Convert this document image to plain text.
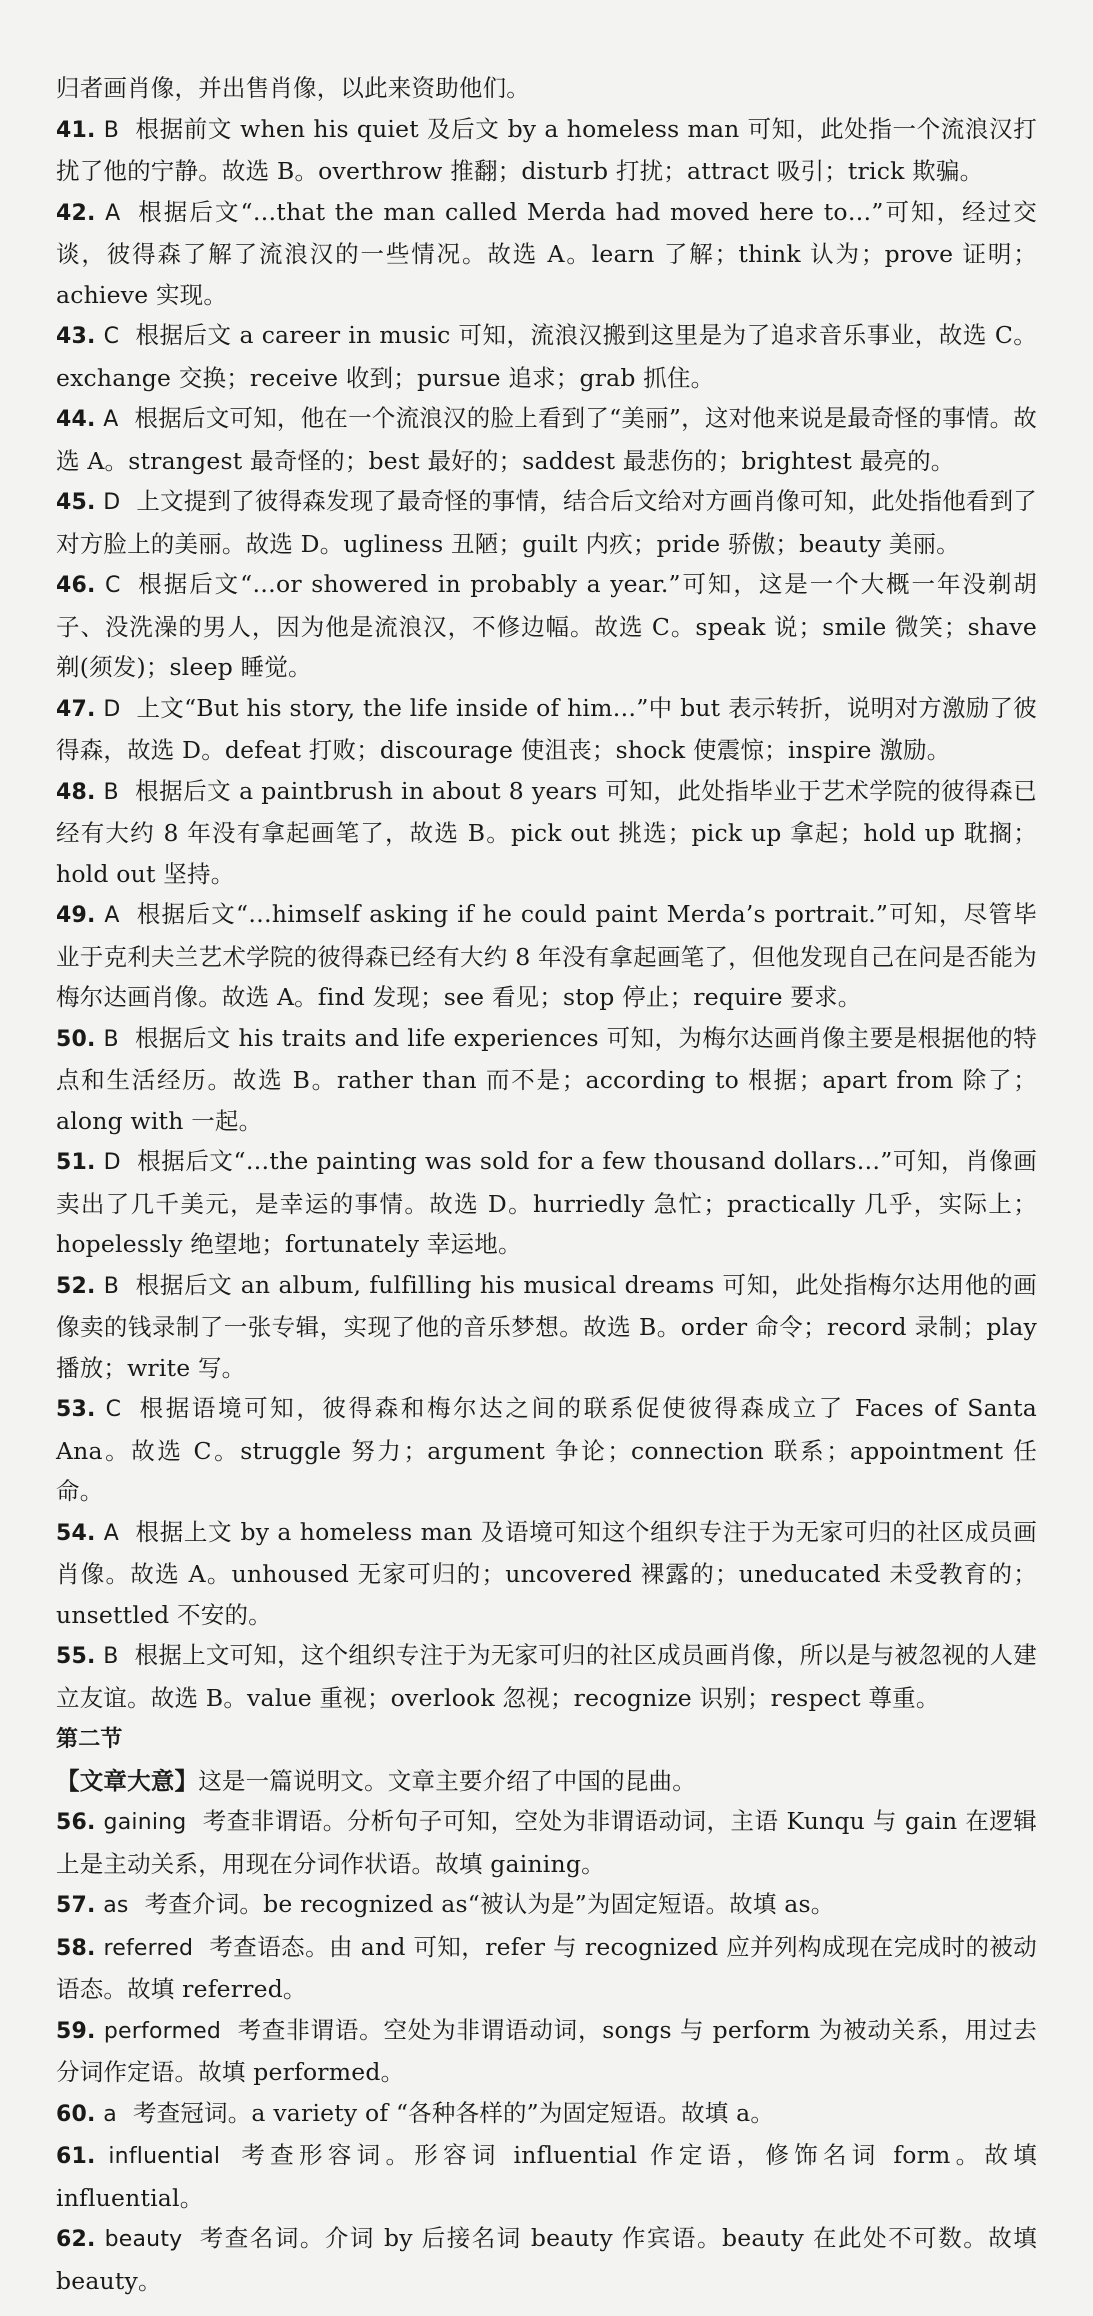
归者画肖像，并出售肖像，以此来资助他们。

41. B 根据前文 when his quiet 及后文 by a homeless man 可知，此处指一个流浪汉打扰了他的宁静。故选 B。overthrow 推翻；disturb 打扰；attract 吸引；trick 欺骗。

42. A 根据后文“…that the man called Merda had moved here to…”可知，经过交谈，彼得森了解了流浪汉的一些情况。故选 A。learn 了解；think 认为；prove 证明；achieve 实现。

43. C 根据后文 a career in music 可知，流浪汉搬到这里是为了追求音乐事业，故选 C。exchange 交换；receive 收到；pursue 追求；grab 抓住。

44. A 根据后文可知，他在一个流浪汉的脸上看到了“美丽”，这对他来说是最奇怪的事情。故选 A。strangest 最奇怪的；best 最好的；saddest 最悲伤的；brightest 最亮的。

45. D 上文提到了彼得森发现了最奇怪的事情，结合后文给对方画肖像可知，此处指他看到了对方脸上的美丽。故选 D。ugliness 丑陋；guilt 内疚；pride 骄傲；beauty 美丽。

46. C 根据后文“…or showered in probably a year.”可知，这是一个大概一年没剃胡子、没洗澡的男人，因为他是流浪汉，不修边幅。故选 C。speak 说；smile 微笑；shave 剃(须发)；sleep 睡觉。

47. D 上文“But his story, the life inside of him…”中 but 表示转折，说明对方激励了彼得森，故选 D。defeat 打败；discourage 使沮丧；shock 使震惊；inspire 激励。

48. B 根据后文 a paintbrush in about 8 years 可知，此处指毕业于艺术学院的彼得森已经有大约 8 年没有拿起画笔了，故选 B。pick out 挑选；pick up 拿起；hold up 耽搁；hold out 坚持。

49. A 根据后文“…himself asking if he could paint Merda’s portrait.”可知，尽管毕业于克利夫兰艺术学院的彼得森已经有大约 8 年没有拿起画笔了，但他发现自己在问是否能为梅尔达画肖像。故选 A。find 发现；see 看见；stop 停止；require 要求。

50. B 根据后文 his traits and life experiences 可知，为梅尔达画肖像主要是根据他的特点和生活经历。故选 B。rather than 而不是；according to 根据；apart from 除了；along with 一起。

51. D 根据后文“…the painting was sold for a few thousand dollars…”可知，肖像画卖出了几千美元，是幸运的事情。故选 D。hurriedly 急忙；practically 几乎，实际上；hopelessly 绝望地；fortunately 幸运地。

52. B 根据后文 an album, fulfilling his musical dreams 可知，此处指梅尔达用他的画像卖的钱录制了一张专辑，实现了他的音乐梦想。故选 B。order 命令；record 录制；play 播放；write 写。

53. C 根据语境可知，彼得森和梅尔达之间的联系促使彼得森成立了 Faces of Santa Ana。故选 C。struggle 努力；argument 争论；connection 联系；appointment 任命。

54. A 根据上文 by a homeless man 及语境可知这个组织专注于为无家可归的社区成员画肖像。故选 A。unhoused 无家可归的；uncovered 裸露的；uneducated 未受教育的；unsettled 不安的。

55. B 根据上文可知，这个组织专注于为无家可归的社区成员画肖像，所以是与被忽视的人建立友谊。故选 B。value 重视；overlook 忽视；recognize 识别；respect 尊重。

第二节

【文章大意】这是一篇说明文。文章主要介绍了中国的昆曲。

56. gaining 考查非谓语。分析句子可知，空处为非谓语动词，主语 Kunqu 与 gain 在逻辑上是主动关系，用现在分词作状语。故填 gaining。

57. as 考查介词。be recognized as“被认为是”为固定短语。故填 as。

58. referred 考查语态。由 and 可知，refer 与 recognized 应并列构成现在完成时的被动语态。故填 referred。

59. performed 考查非谓语。空处为非谓语动词，songs 与 perform 为被动关系，用过去分词作定语。故填 performed。

60. a 考查冠词。a variety of “各种各样的”为固定短语。故填 a。

61. influential 考查形容词。形容词 influential 作定语，修饰名词 form。故填 influential。

62. beauty 考查名词。介词 by 后接名词 beauty 作宾语。beauty 在此处不可数。故填 beauty。
